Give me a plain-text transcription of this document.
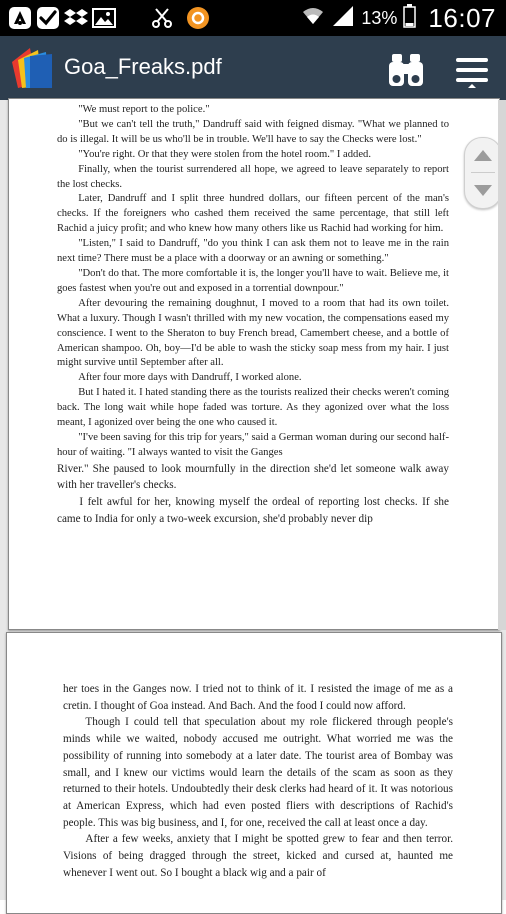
13% 16:07
Goa_Freaks.pdf

"We must report to the police."

"But we can't tell the truth," Dandruff said with feigned dismay. "What we planned to do is illegal. It will be us who'll be in trouble. We'll have to say the Checks were lost."

"You're right. Or that they were stolen from the hotel room." I added.

Finally, when the tourist surrendered all hope, we agreed to leave separately to report the lost checks.

Later, Dandruff and I split three hundred dollars, our fifteen percent of the man's checks. If the foreigners who cashed them received the same percentage, that still left Rachid a juicy profit; and who knew how many others like us Rachid had working for him.

"Listen," I said to Dandruff, "do you think I can ask them not to leave me in the rain next time? There must be a place with a doorway or an awning or something."

"Don't do that. The more comfortable it is, the longer you'll have to wait. Believe me, it goes fastest when you're out and exposed in a torrential downpour."

After devouring the remaining doughnut, I moved to a room that had its own toilet. What a luxury. Though I wasn't thrilled with my new vocation, the compensations eased my conscience. I went to the Sheraton to buy French bread, Camembert cheese, and a bottle of American shampoo. Oh, boy—I'd be able to wash the sticky soap mess from my hair. I just might survive until September after all.

After four more days with Dandruff, I worked alone.

But I hated it. I hated standing there as the tourists realized their checks weren't coming back. The long wait while hope faded was torture. As they agonized over what the loss meant, I agonized over being the one who caused it.

"I've been saving for this trip for years," said a German woman during our second half-hour of waiting. "I always wanted to visit the Ganges

River." She paused to look mournfully in the direction she'd let someone walk away with her traveller's checks.

I felt awful for her, knowing myself the ordeal of reporting lost checks. If she came to India for only a two-week excursion, she'd probably never dip

her toes in the Ganges now. I tried not to think of it. I resisted the image of me as a cretin. I thought of Goa instead. And Bach. And the food I could now afford.

Though I could tell that speculation about my role flickered through people's minds while we waited, nobody accused me outright. What worried me was the possibility of running into somebody at a later date. The tourist area of Bombay was small, and I knew our victims would learn the details of the scam as soon as they returned to their hotels. Undoubtedly their desk clerks had heard of it. It was notorious at American Express, which had even posted fliers with descriptions of Rachid's people. This was big business, and I, for one, received the call at least once a day.

After a few weeks, anxiety that I might be spotted grew to fear and then terror. Visions of being dragged through the street, kicked and cursed at, haunted me whenever I went out. So I bought a black wig and a pair of
